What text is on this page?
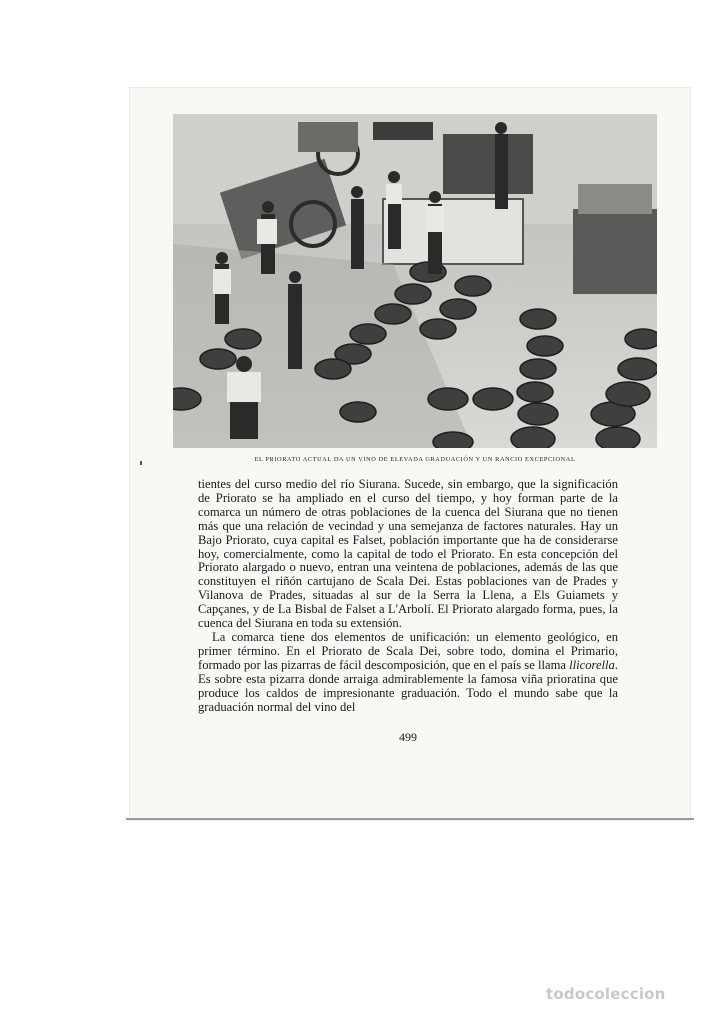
EL PRIORATO ACTUAL DA UN VINO DE ELEVADA GRADUACIÓN Y UN RANCIO EXCEPCIONAL

tientes del curso medio del río Siurana. Sucede, sin embargo, que la significación de Priorato se ha ampliado en el curso del tiempo, y hoy forman parte de la comarca un número de otras poblaciones de la cuenca del Siurana que no tienen más que una relación de vecindad y una semejanza de factores naturales. Hay un Bajo Priorato, cuya capital es Falset, población importante que ha de considerarse hoy, comercialmente, como la capital de todo el Priorato. En esta concepción del Priorato alargado o nuevo, entran una veintena de poblaciones, además de las que constituyen el riñón cartujano de Scala Dei. Estas poblaciones van de Prades y Vilanova de Prades, situadas al sur de la Serra la Llena, a Els Guiamets y Capçanes, y de La Bisbal de Falset a L'Arbolí. El Priorato alargado forma, pues, la cuenca del Siurana en toda su extensión.

La comarca tiene dos elementos de unificación: un elemento geológico, en primer término. En el Priorato de Scala Dei, sobre todo, domina el Primario, formado por las pizarras de fácil descomposición, que en el país se llama llicorella. Es sobre esta pizarra donde arraiga admirablemente la famosa viña prioratina que produce los caldos de impresionante graduación. Todo el mundo sabe que la graduación normal del vino del

499
todocoleccion
